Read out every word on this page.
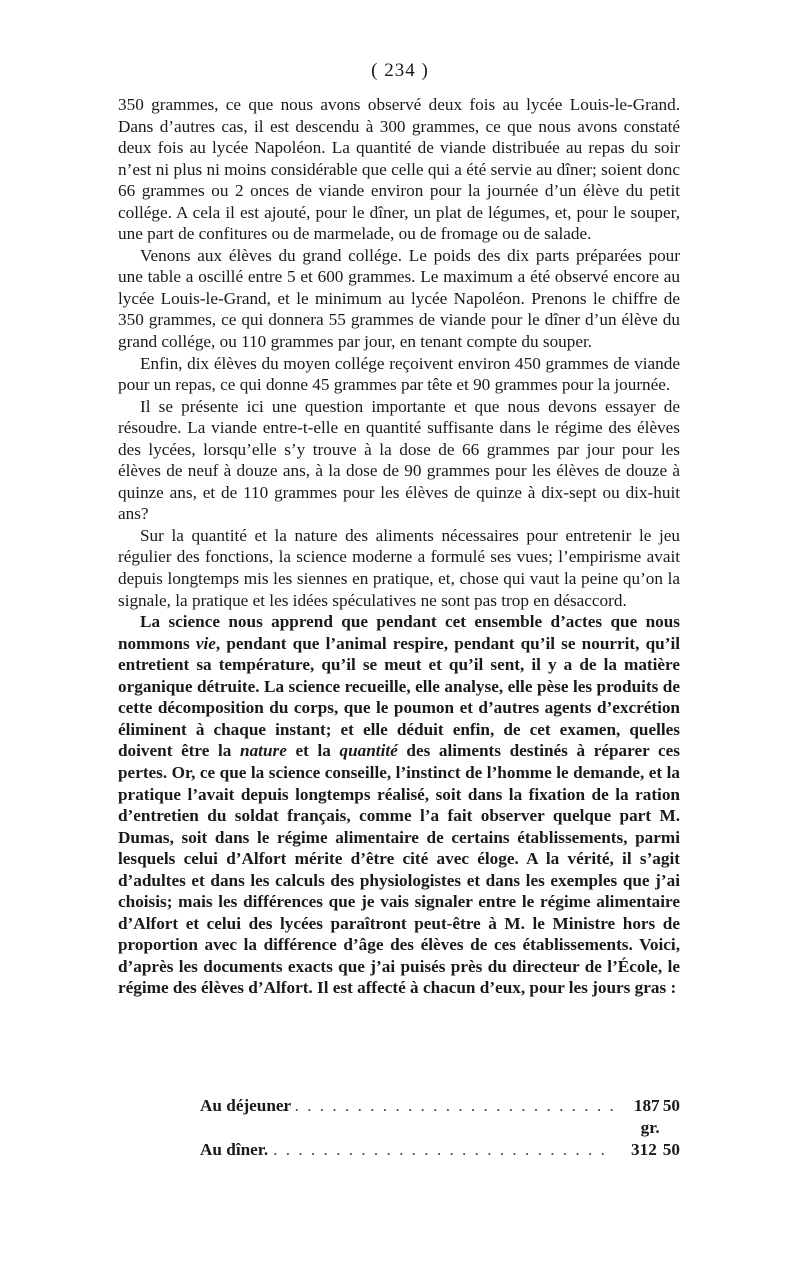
( 234 )

350 grammes, ce que nous avons observé deux fois au lycée Louis-le-Grand. Dans d’autres cas, il est descendu à 300 grammes, ce que nous avons constaté deux fois au lycée Napoléon. La quantité de viande distribuée au repas du soir n’est ni plus ni moins considérable que celle qui a été servie au dîner; soient donc 66 grammes ou 2 onces de viande environ pour la journée d’un élève du petit collége. A cela il est ajouté, pour le dîner, un plat de légumes, et, pour le souper, une part de confitures ou de marmelade, ou de fromage ou de salade.

Venons aux élèves du grand collége. Le poids des dix parts préparées pour une table a oscillé entre 5 et 600 grammes. Le maximum a été observé encore au lycée Louis-le-Grand, et le minimum au lycée Napoléon. Prenons le chiffre de 350 grammes, ce qui donnera 55 grammes de viande pour le dîner d’un élève du grand collége, ou 110 grammes par jour, en tenant compte du souper.

Enfin, dix élèves du moyen collége reçoivent environ 450 grammes de viande pour un repas, ce qui donne 45 grammes par tête et 90 grammes pour la journée.

Il se présente ici une question importante et que nous devons essayer de résoudre. La viande entre-t-elle en quantité suffisante dans le régime des élèves des lycées, lorsqu’elle s’y trouve à la dose de 66 grammes par jour pour les élèves de neuf à douze ans, à la dose de 90 grammes pour les élèves de douze à quinze ans, et de 110 grammes pour les élèves de quinze à dix-sept ou dix-huit ans?

Sur la quantité et la nature des aliments nécessaires pour entretenir le jeu régulier des fonctions, la science moderne a formulé ses vues; l’empirisme avait depuis longtemps mis les siennes en pratique, et, chose qui vaut la peine qu’on la signale, la pratique et les idées spéculatives ne sont pas trop en désaccord.

La science nous apprend que pendant cet ensemble d’actes que nous nommons vie, pendant que l’animal respire, pendant qu’il se nourrit, qu’il entretient sa température, qu’il se meut et qu’il sent, il y a de la matière organique détruite. La science recueille, elle analyse, elle pèse les produits de cette décomposition du corps, que le poumon et d’autres agents d’excrétion éliminent à chaque instant; et elle déduit enfin, de cet examen, quelles doivent être la nature et la quantité des aliments destinés à réparer ces pertes. Or, ce que la science conseille, l’instinct de l’homme le demande, et la pratique l’avait depuis longtemps réalisé, soit dans la fixation de la ration d’entretien du soldat français, comme l’a fait observer quelque part M. Dumas, soit dans le régime alimentaire de certains établissements, parmi lesquels celui d’Alfort mérite d’être cité avec éloge. A la vérité, il s’agit d’adultes et dans les calculs des physiologistes et dans les exemples que j’ai choisis; mais les différences que je vais signaler entre le régime alimentaire d’Alfort et celui des lycées paraîtront peut-être à M. le Ministre hors de proportion avec la différence d’âge des élèves de ces établissements. Voici, d’après les documents exacts que j’ai puisés près du directeur de l’École, le régime des élèves d’Alfort. Il est affecté à chacun d’eux, pour les jours gras :

Au déjeuner
. . . . . . . . . . . . . . . . . . . . . . . . . . .	187 gr.
50
Au dîner. . . . . . . . . . . . . . . . . . . . . . . . . . . .	312 50
